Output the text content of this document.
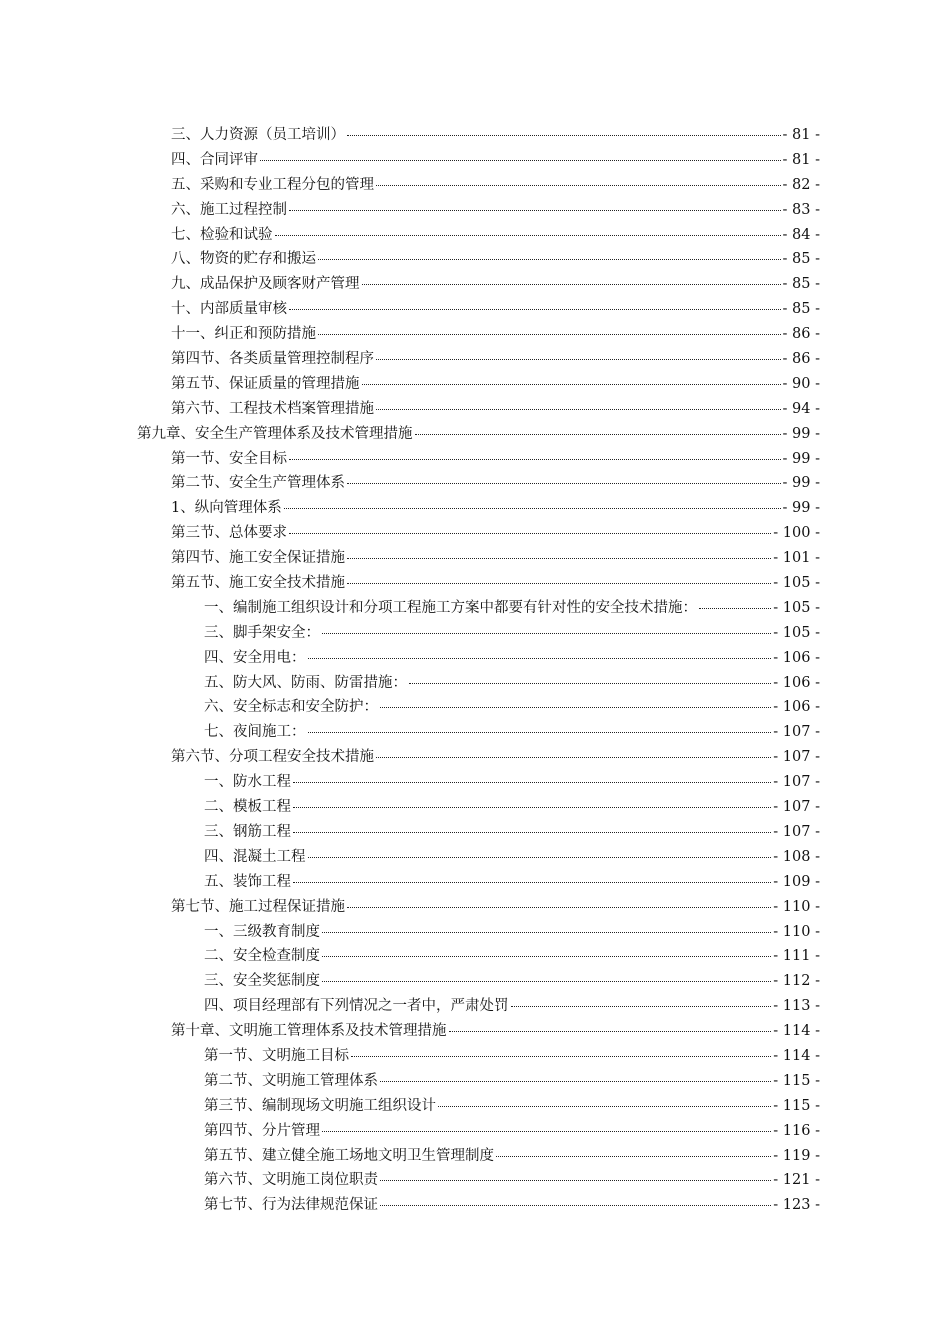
三、人力资源（员工培训）	- 81 -
四、合同评审	- 81 -
五、采购和专业工程分包的管理	- 82 -
六、施工过程控制	- 83 -
七、检验和试验	- 84 -
八、物资的贮存和搬运	- 85 -
九、成品保护及顾客财产管理	- 85 -
十、内部质量审核	- 85 -
十一、纠正和预防措施	- 86 -
第四节、各类质量管理控制程序	- 86 -
第五节、保证质量的管理措施	- 90 -
第六节、工程技术档案管理措施	- 94 -
第九章、安全生产管理体系及技术管理措施	- 99 -
第一节、安全目标	- 99 -
第二节、安全生产管理体系	- 99 -
1、纵向管理体系	- 99 -
第三节、总体要求	- 100 -
第四节、施工安全保证措施	- 101 -
第五节、施工安全技术措施	- 105 -
一、编制施工组织设计和分项工程施工方案中都要有针对性的安全技术措施：	- 105 -
三、脚手架安全：	- 105 -
四、安全用电：	- 106 -
五、防大风、防雨、防雷措施：	- 106 -
六、安全标志和安全防护：	- 106 -
七、夜间施工：	- 107 -
第六节、分项工程安全技术措施	- 107 -
一、防水工程	- 107 -
二、模板工程	- 107 -
三、钢筋工程	- 107 -
四、混凝土工程	- 108 -
五、装饰工程	- 109 -
第七节、施工过程保证措施	- 110 -
一、三级教育制度	- 110 -
二、安全检查制度	- 111 -
三、安全奖惩制度	- 112 -
四、项目经理部有下列情况之一者中，严肃处罚	- 113 -
第十章、文明施工管理体系及技术管理措施	- 114 -
第一节、文明施工目标	- 114 -
第二节、文明施工管理体系	- 115 -
第三节、编制现场文明施工组织设计	- 115 -
第四节、分片管理	- 116 -
第五节、建立健全施工场地文明卫生管理制度	- 119 -
第六节、文明施工岗位职责	- 121 -
第七节、行为法律规范保证	- 123 -
